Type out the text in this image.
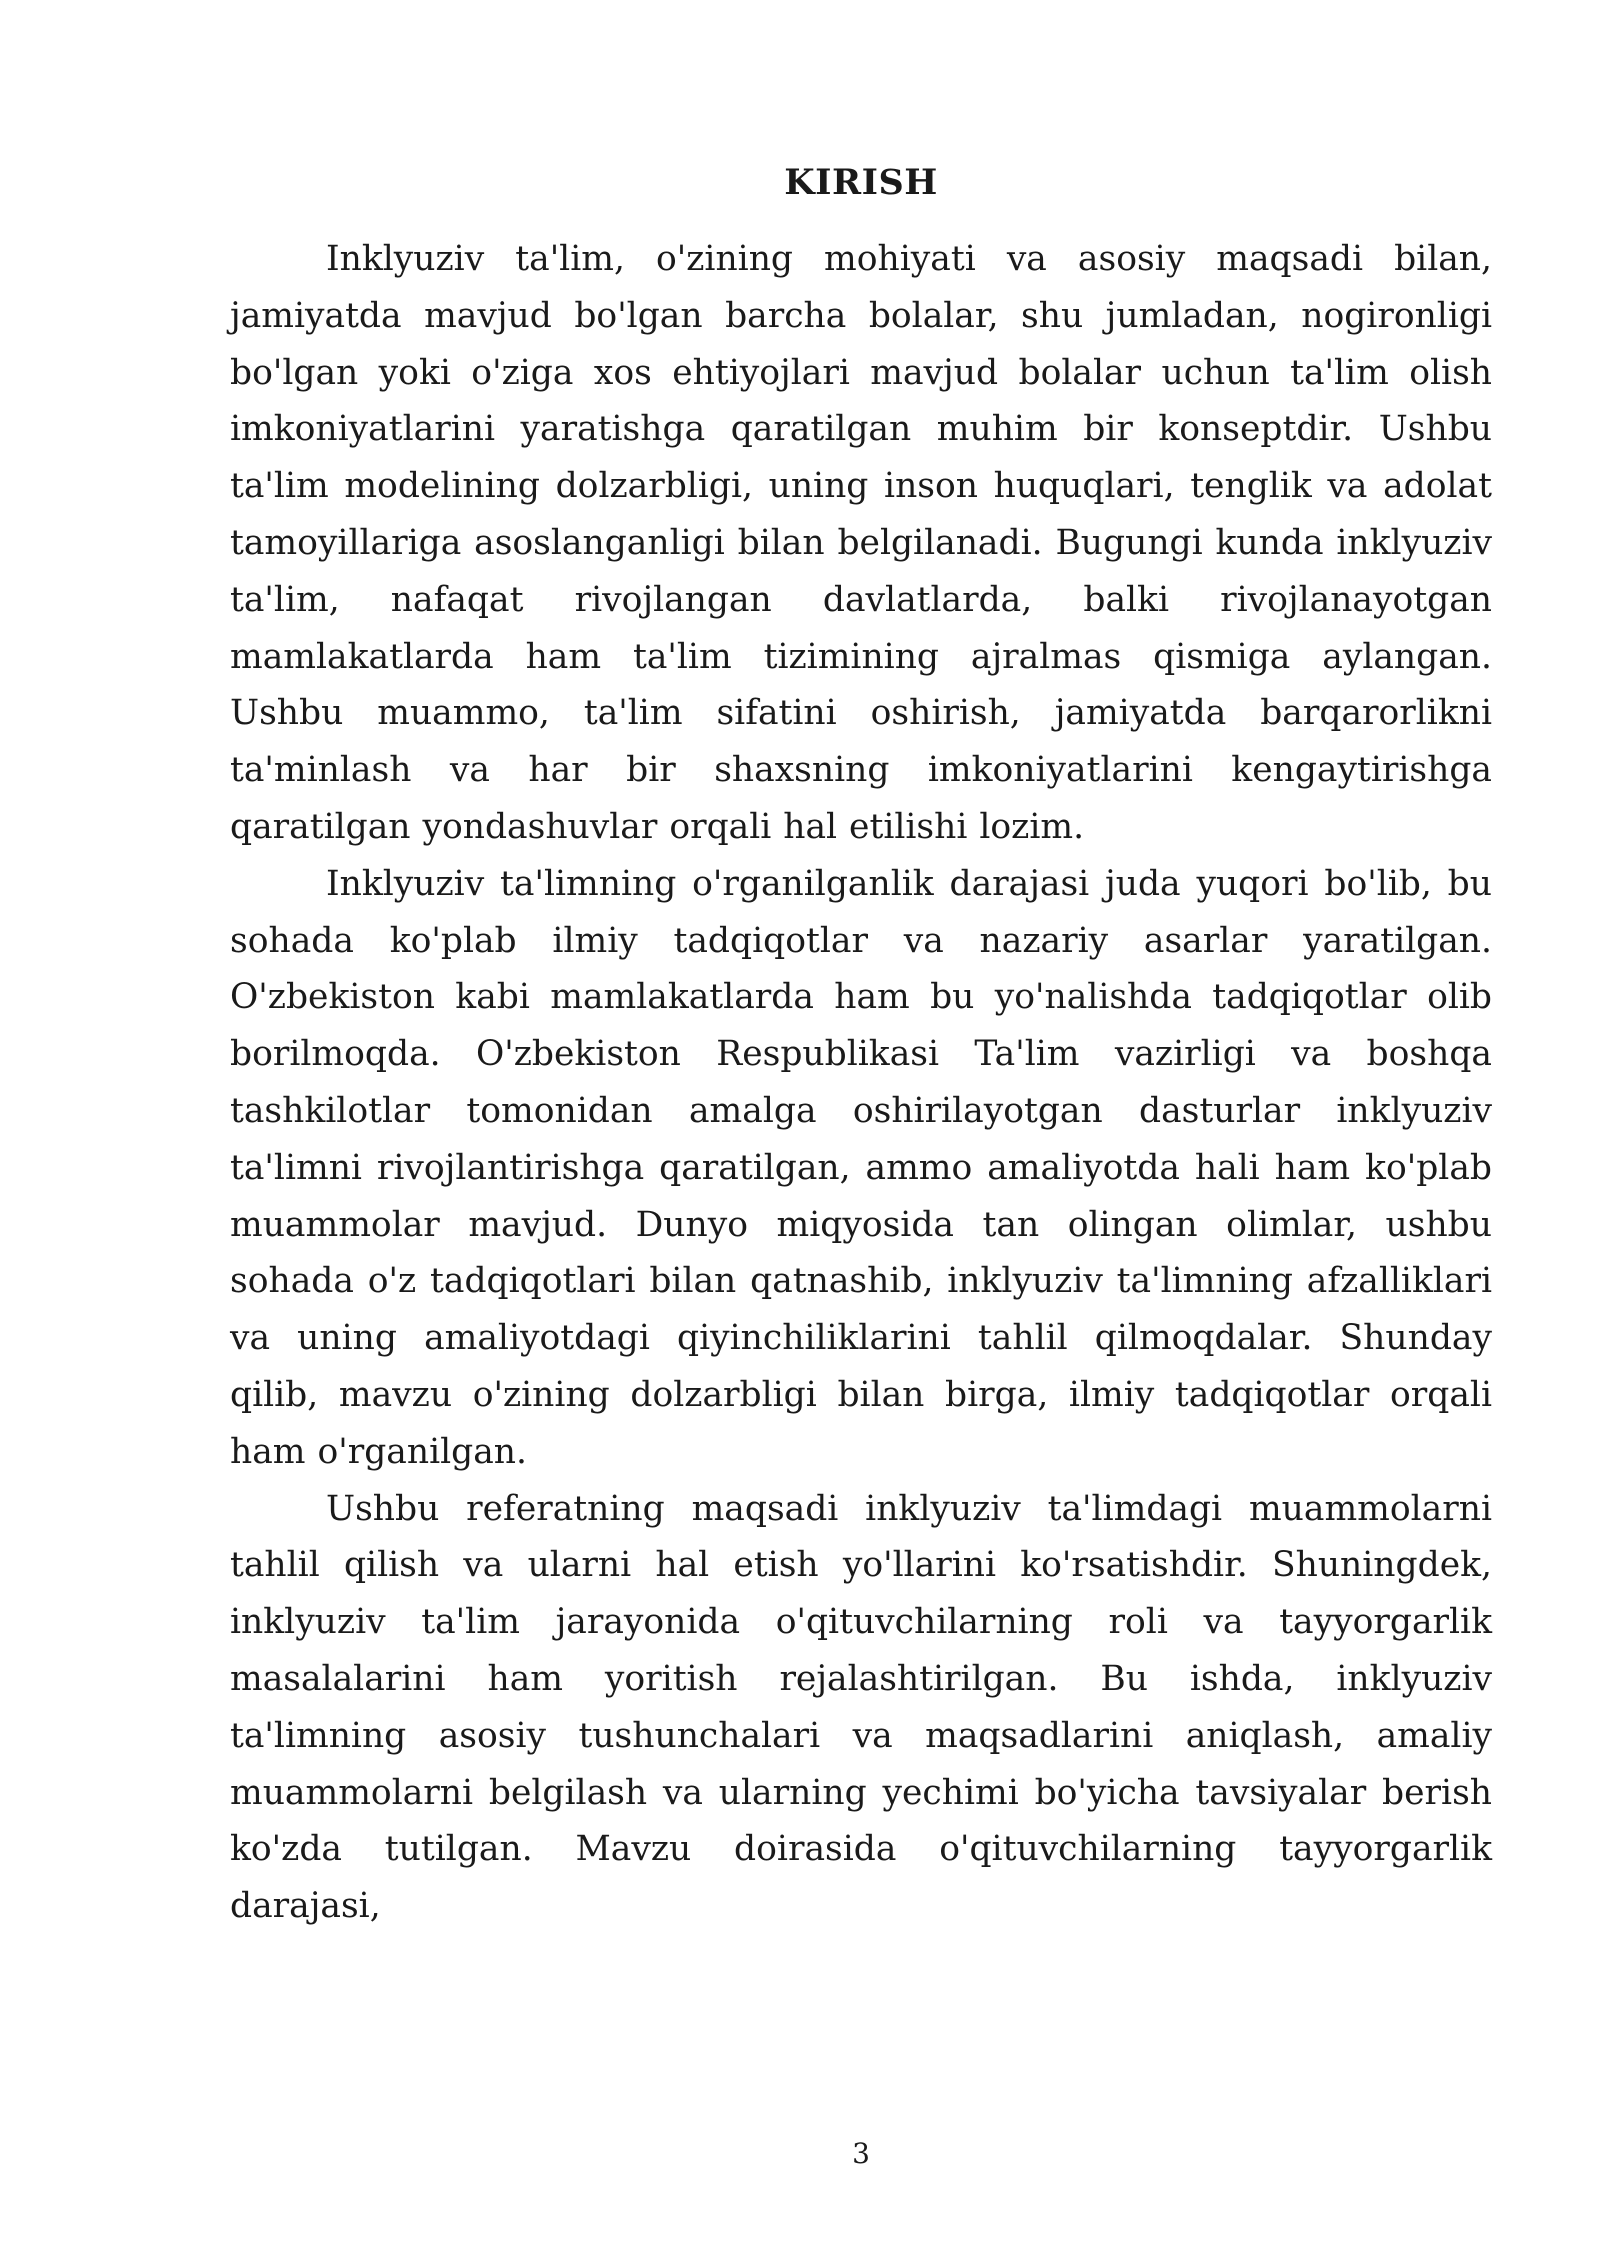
KIRISH

Inklyuziv ta'lim, o'zining mohiyati va asosiy maqsadi bilan, jamiyatda mavjud bo'lgan barcha bolalar, shu jumladan, nogironligi bo'lgan yoki o'ziga xos ehtiyojlari mavjud bolalar uchun ta'lim olish imkoniyatlarini yaratishga qaratilgan muhim bir konseptdir. Ushbu ta'lim modelining dolzarbligi, uning inson huquqlari, tenglik va adolat tamoyillariga asoslanganligi bilan belgilanadi. Bugungi kunda inklyuziv ta'lim, nafaqat rivojlangan davlatlarda, balki rivojlanayotgan mamlakatlarda ham ta'lim tizimining ajralmas qismiga aylangan. Ushbu muammo, ta'lim sifatini oshirish, jamiyatda barqarorlikni ta'minlash va har bir shaxsning imkoniyatlarini kengaytirishga qaratilgan yondashuvlar orqali hal etilishi lozim.

Inklyuziv ta'limning o'rganilganlik darajasi juda yuqori bo'lib, bu sohada ko'plab ilmiy tadqiqotlar va nazariy asarlar yaratilgan. O'zbekiston kabi mamlakatlarda ham bu yo'nalishda tadqiqotlar olib borilmoqda. O'zbekiston Respublikasi Ta'lim vazirligi va boshqa tashkilotlar tomonidan amalga oshirilayotgan dasturlar inklyuziv ta'limni rivojlantirishga qaratilgan, ammo amaliyotda hali ham ko'plab muammolar mavjud. Dunyo miqyosida tan olingan olimlar, ushbu sohada o'z tadqiqotlari bilan qatnashib, inklyuziv ta'limning afzalliklari va uning amaliyotdagi qiyinchiliklarini tahlil qilmoqdalar. Shunday qilib, mavzu o'zining dolzarbligi bilan birga, ilmiy tadqiqotlar orqali ham o'rganilgan.

Ushbu referatning maqsadi inklyuziv ta'limdagi muammolarni tahlil qilish va ularni hal etish yo'llarini ko'rsatishdir. Shuningdek, inklyuziv ta'lim jarayonida o'qituvchilarning roli va tayyorgarlik masalalarini ham yoritish rejalashtirilgan. Bu ishda, inklyuziv ta'limning asosiy tushunchalari va maqsadlarini aniqlash, amaliy muammolarni belgilash va ularning yechimi bo'yicha tavsiyalar berish ko'zda tutilgan. Mavzu doirasida o'qituvchilarning tayyorgarlik darajasi,

3
